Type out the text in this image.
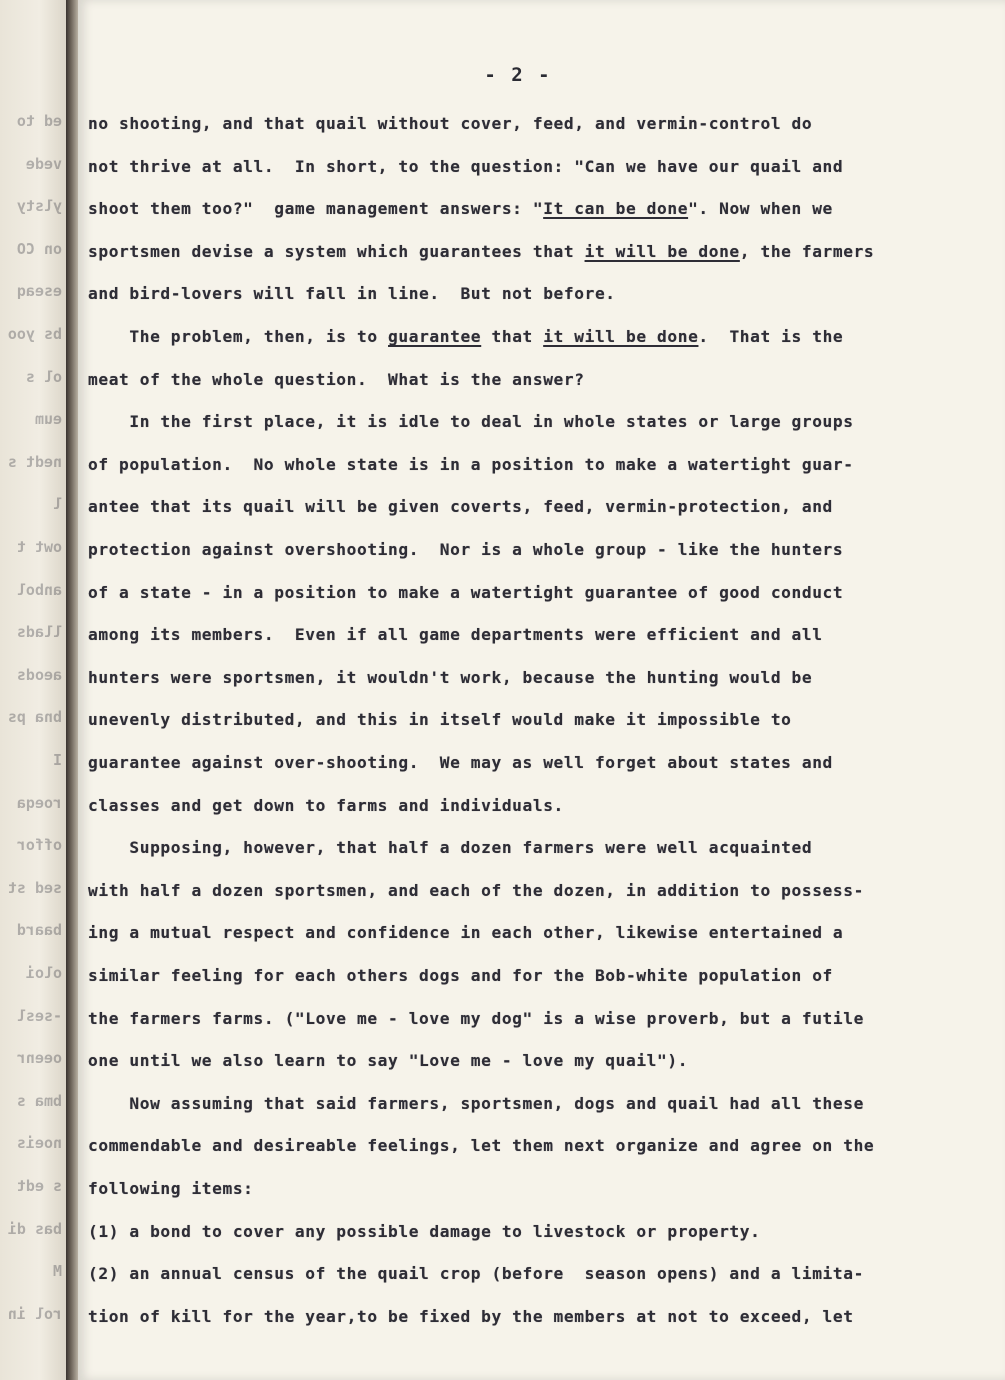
ed to
vede
ylsty
on CO
eseaq
bs yoo
ol s
eum
nedt s
l
owt t
anbol
llads
aeods
bna ps
I
roeqa
offor
sed st
baard
oloi
-sesl
oeenr
bma s
noeis
s edt
bas di
M
rol in
- 2 -
no shooting, and that quail without cover, feed, and vermin-control do
not thrive at all.  In short, to the question: "Can we have our quail and
shoot them too?"  game management answers: "It can be done". Now when we
sportsmen devise a system which guarantees that it will be done, the farmers
and bird-lovers will fall in line.  But not before.
The problem, then, is to guarantee that it will be done.  That is the
meat of the whole question.  What is the answer?
In the first place, it is idle to deal in whole states or large groups
of population.  No whole state is in a position to make a watertight guar-
antee that its quail will be given coverts, feed, vermin-protection, and
protection against overshooting.  Nor is a whole group - like the hunters
of a state - in a position to make a watertight guarantee of good conduct
among its members.  Even if all game departments were efficient and all
hunters were sportsmen, it wouldn't work, because the hunting would be
unevenly distributed, and this in itself would make it impossible to
guarantee against over-shooting.  We may as well forget about states and
classes and get down to farms and individuals.
Supposing, however, that half a dozen farmers were well acquainted
with half a dozen sportsmen, and each of the dozen, in addition to possess-
ing a mutual respect and confidence in each other, likewise entertained a
similar feeling for each others dogs and for the Bob-white population of
the farmers farms. ("Love me - love my dog" is a wise proverb, but a futile
one until we also learn to say "Love me - love my quail").
Now assuming that said farmers, sportsmen, dogs and quail had all these
commendable and desireable feelings, let them next organize and agree on the
following items:
(1) a bond to cover any possible damage to livestock or property.
(2) an annual census of the quail crop (before  season opens) and a limita-
tion of kill for the year,to be fixed by the members at not to exceed, let
